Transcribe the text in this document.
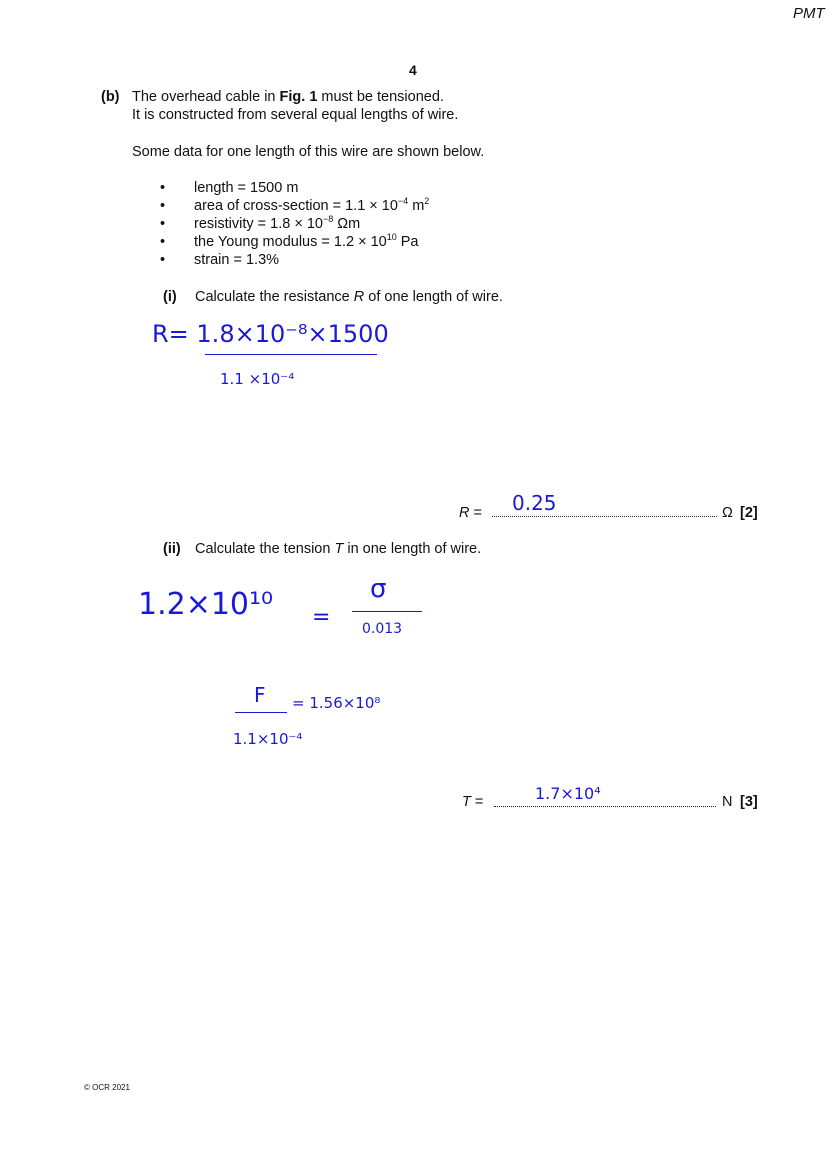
PMT
4
(b) The overhead cable in Fig. 1 must be tensioned.
It is constructed from several equal lengths of wire.
Some data for one length of this wire are shown below.
• length = 1500 m
• area of cross-section = $1.1 \times 10^{-4}$ $m^2$
• resistivity = $1.8 \times 10^{-8}$ Ωm
• the Young modulus = $1.2 \times 10^{10}$ Pa
• strain = 1.3%
(i) Calculate the resistance R of one length of wire.
R= 1.8×10⁻⁸×1500
1.1 ×10⁻⁴
R = 0.25	Ω [2]
(ii) Calculate the tension T in one length of wire.
1.2×10¹⁰ =
σ
0.013
F = 1.56×10⁸
1.1×10⁻⁴
T =	1.7×10⁴	N [3]
© OCR 2021
